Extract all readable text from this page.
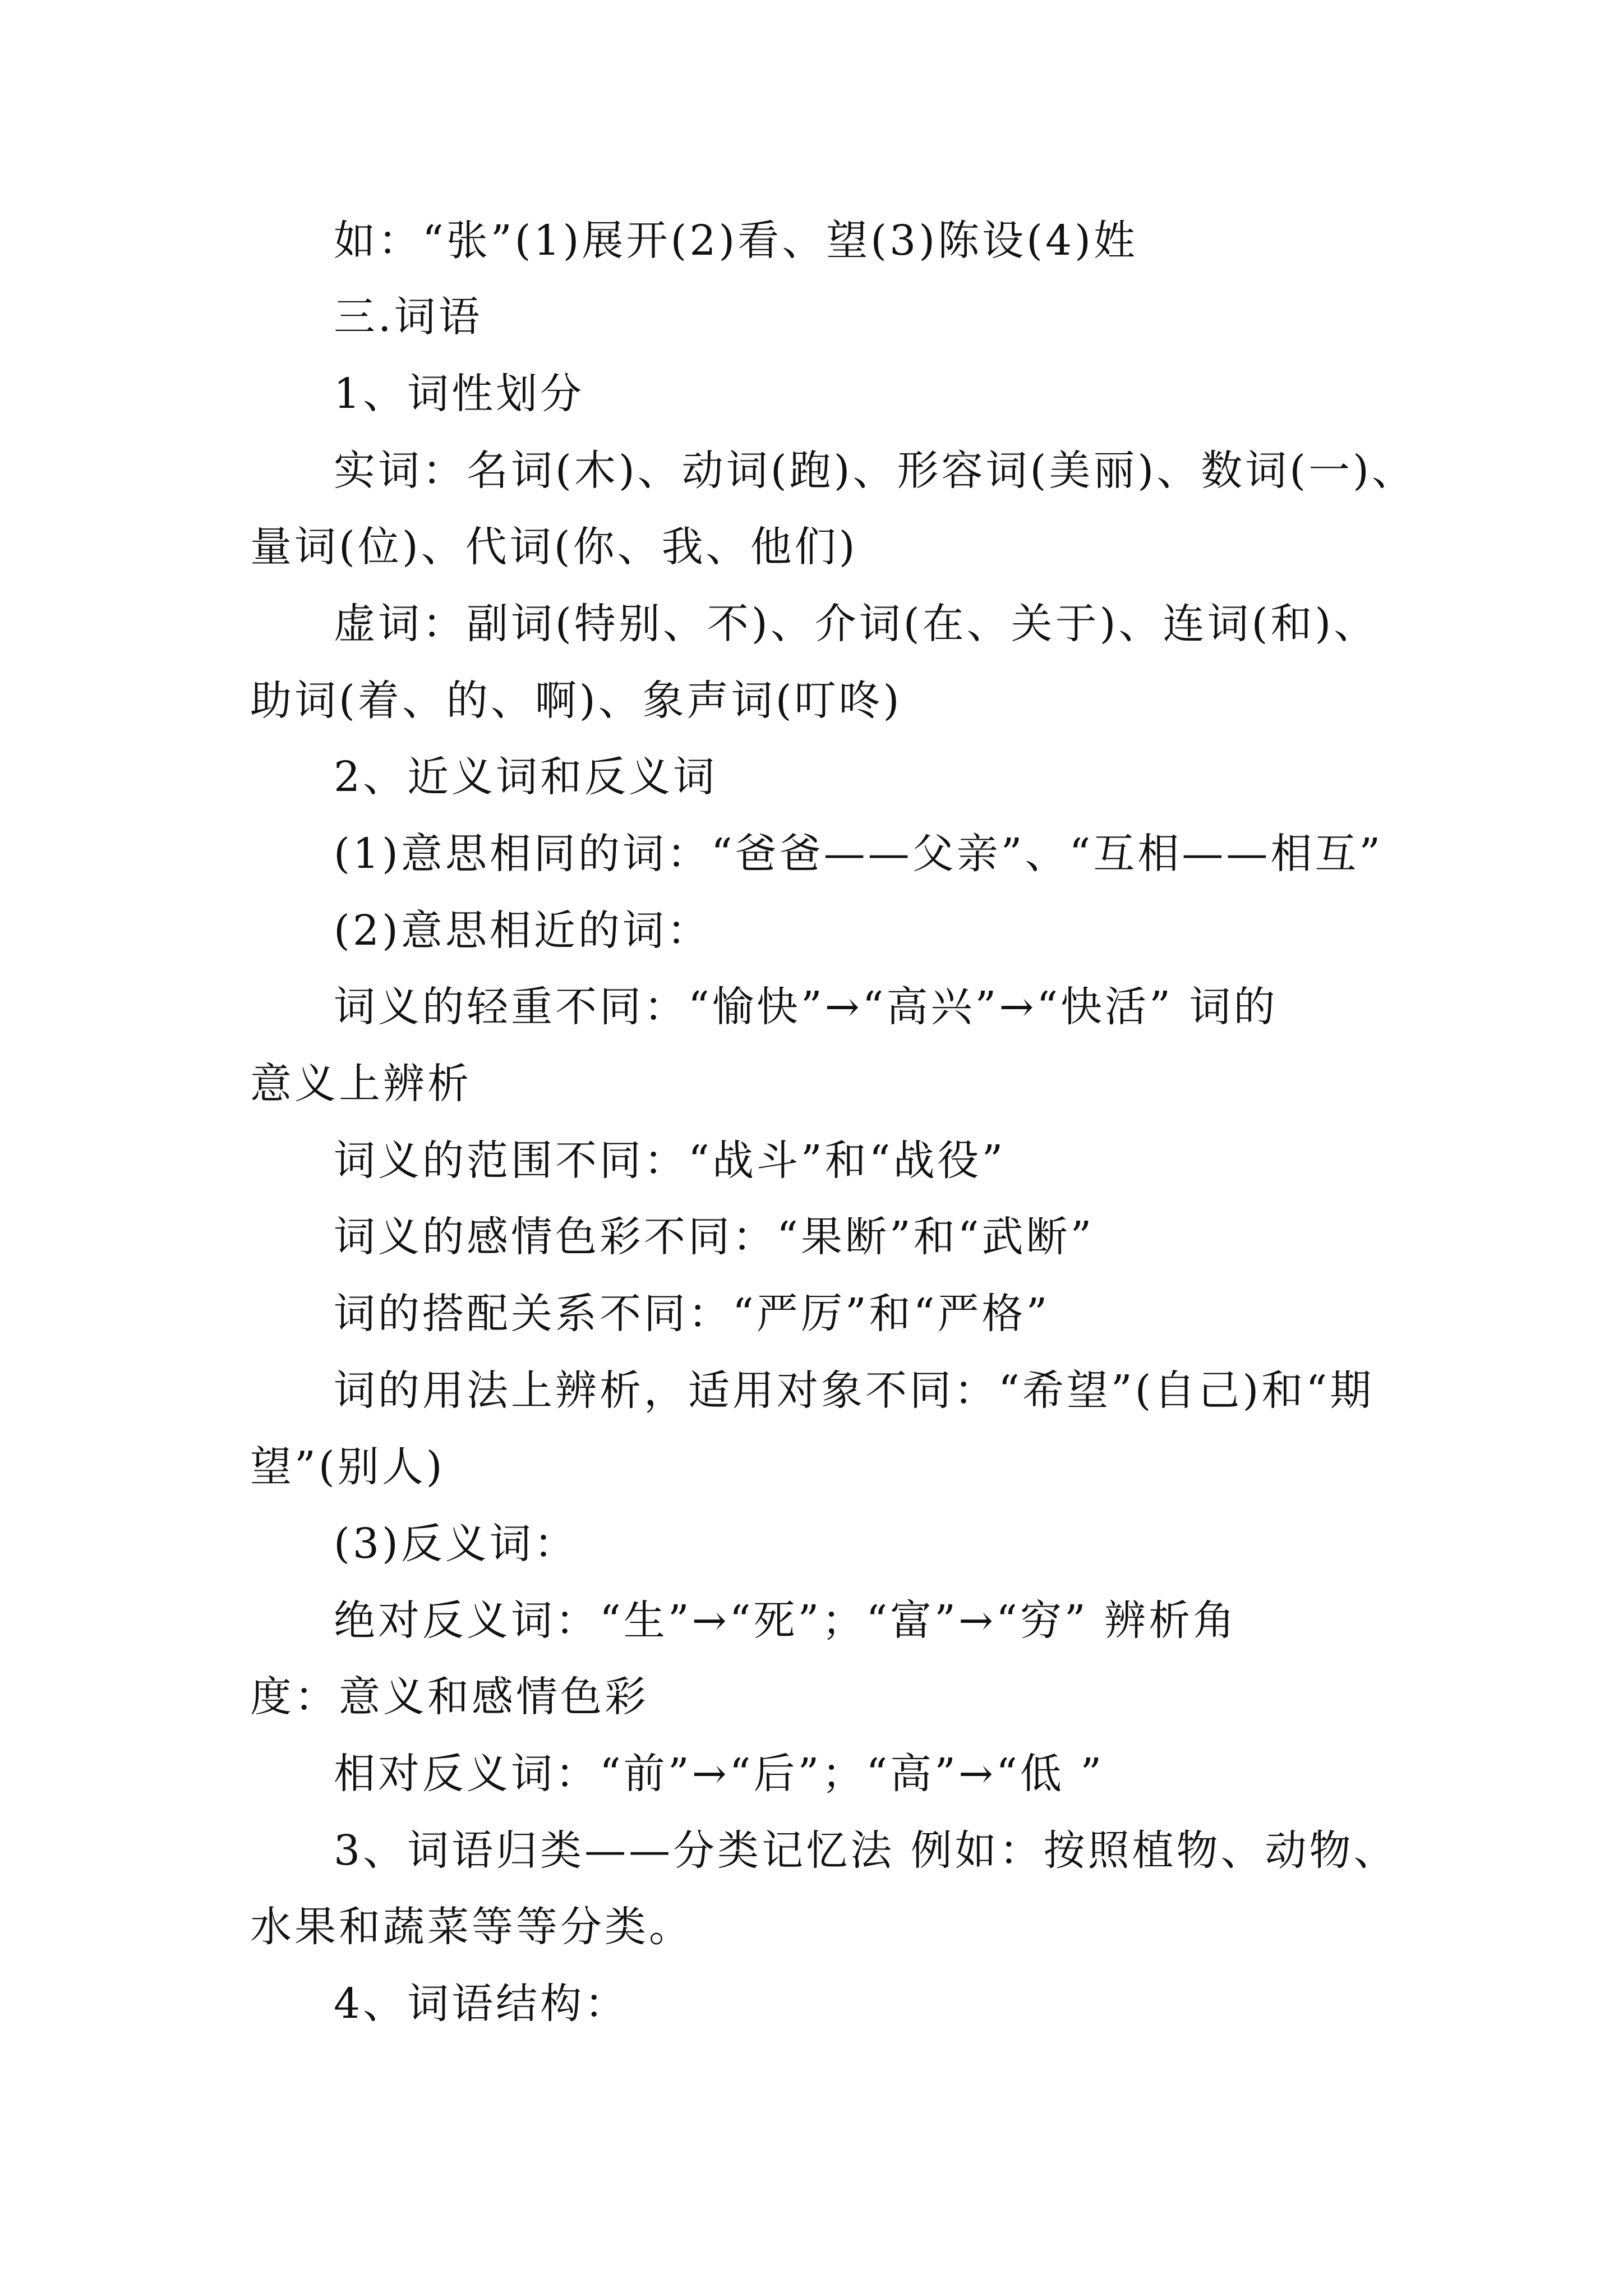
如：“张”(1)展开(2)看、望(3)陈设(4)姓
三.词语
1、词性划分
实词：名词(木)、动词(跑)、形容词(美丽)、数词(一)、
量词(位)、代词(你、我、他们)
虚词：副词(特别、不)、介词(在、关于)、连词(和)、
助词(着、的、啊)、象声词(叮咚)
2、近义词和反义词
(1)意思相同的词：“爸爸——父亲”、“互相——相互”
(2)意思相近的词：
词义的轻重不同：“愉快”→“高兴”→“快活” 词的
意义上辨析
词义的范围不同：“战斗”和“战役”
词义的感情色彩不同：“果断”和“武断”
词的搭配关系不同：“严厉”和“严格”
词的用法上辨析，适用对象不同：“希望”(自己)和“期
望”(别人)
(3)反义词：
绝对反义词：“生”→“死”；“富”→“穷” 辨析角
度：意义和感情色彩
相对反义词：“前”→“后”；“高”→“低 ”
3、词语归类——分类记忆法 例如：按照植物、动物、
水果和蔬菜等等分类。
4、词语结构：
